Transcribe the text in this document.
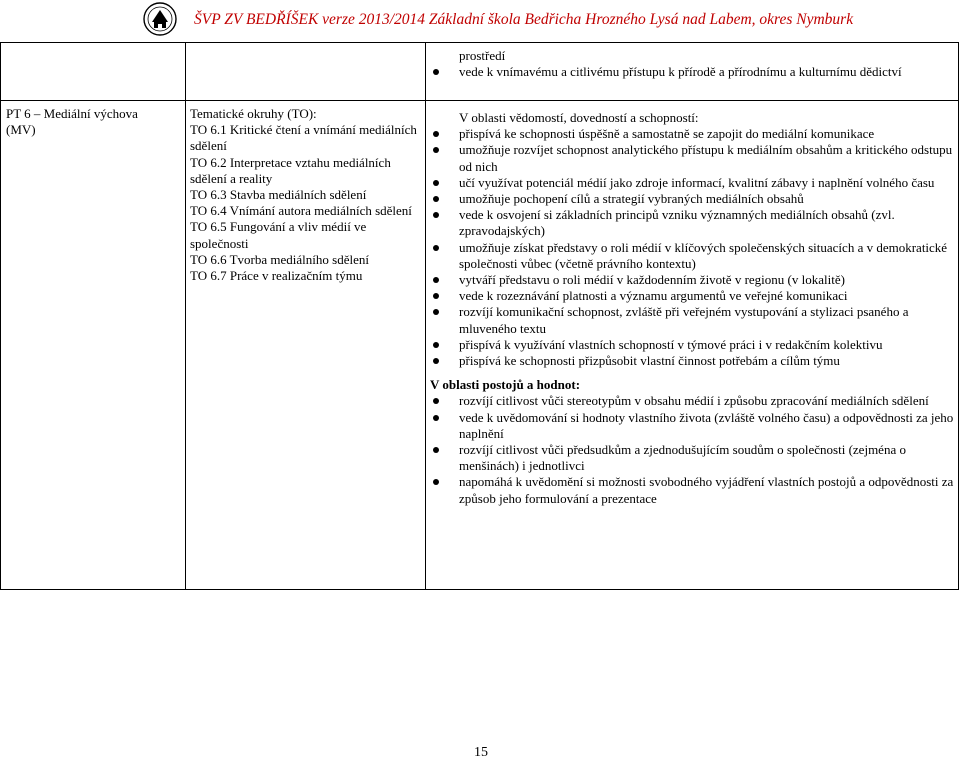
ŠVP ZV BEDŘÍŠEK verze 2013/2014 Základní škola Bedřicha Hrozného Lysá nad Labem, okres Nymburk
prostředí
vede k vnímavému a citlivému přístupu k přírodě a přírodnímu a kulturnímu dědictví
PT 6 – Mediální výchova
(MV)
Tematické okruhy (TO):
TO 6.1 Kritické čtení a vnímání mediálních sdělení
TO 6.2 Interpretace vztahu mediálních sdělení a reality
TO 6.3 Stavba mediálních sdělení
TO 6.4 Vnímání autora mediálních sdělení
TO 6.5 Fungování a vliv médií ve společnosti
TO 6.6 Tvorba mediálního sdělení
TO 6.7 Práce v realizačním týmu
V oblasti vědomostí, dovedností a schopností:
přispívá ke schopnosti úspěšně a samostatně se zapojit do mediální komunikace
umožňuje rozvíjet schopnost analytického přístupu k mediálním obsahům a kritického odstupu od nich
učí využívat potenciál médií jako zdroje informací, kvalitní zábavy i naplnění volného času
umožňuje pochopení cílů a strategií vybraných mediálních obsahů
vede k osvojení si základních principů vzniku významných mediálních obsahů (zvl. zpravodajských)
umožňuje získat představy o roli médií v klíčových společenských situacích a v demokratické společnosti vůbec (včetně právního kontextu)
vytváří představu o roli médií v každodenním životě v regionu (v lokalitě)
vede k rozeznávání platnosti a významu argumentů ve veřejné komunikaci
rozvíjí komunikační schopnost, zvláště při veřejném vystupování a stylizaci psaného a mluveného textu
přispívá k využívání vlastních schopností v týmové práci i v redakčním kolektivu
přispívá ke schopnosti přizpůsobit vlastní činnost potřebám a cílům týmu
V oblasti postojů a hodnot:
rozvíjí citlivost vůči stereotypům v obsahu médií i způsobu zpracování mediálních sdělení
vede k uvědomování si hodnoty vlastního života (zvláště volného času) a odpovědnosti za jeho naplnění
rozvíjí citlivost vůči předsudkům a zjednodušujícím soudům o společnosti (zejména o menšinách) i jednotlivci
napomáhá k uvědomění si možnosti svobodného vyjádření vlastních postojů a odpovědnosti za způsob jeho formulování a prezentace
15
